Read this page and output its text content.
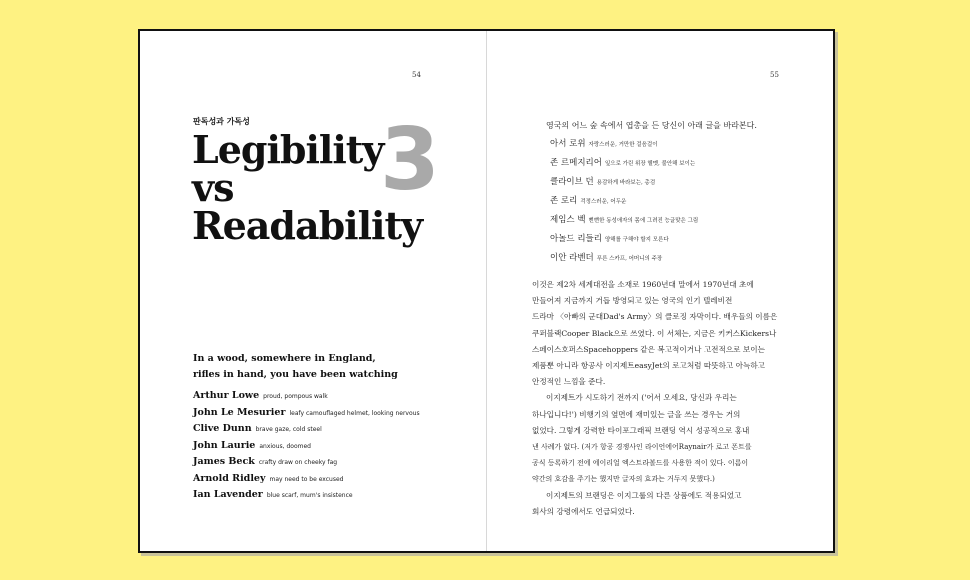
54
판독성과 가독성 3
Legibility
vs
Readability
In a wood, somewhere in England,
rifles in hand, you have been watching
Arthur Lowe proud, pompous walk
John Le Mesurier leafy camouflaged helmet, looking nervous
Clive Dunn brave gaze, cold steel
John Laurie anxious, doomed
James Beck crafty draw on cheeky fag
Arnold Ridley may need to be excused
Ian Lavender blue scarf, mum's insistence
55
영국의 어느 숲 속에서 엽총을 든 당신이 아래 글을 바라본다.
아서 로위 자랑스러운, 거만한 걸음걸이
존 르메지리어 잎으로 가린 위장 헬멧, 불안해 보이는
클라이브 던 용감하게 바라보는, 총검
존 로리 걱정스러운, 어두운
제임스 벡 뻔뻔한 동성애자의 몸에 그려진 능글맞은 그림
아놀드 리들리 양해를 구해야 할지 모른다
이안 라벤더 푸른 스카프, 어머니의 주장
이것은 제2차 세계대전을 소재로 1960년대 말에서 1970년대 초에
만들어져 지금까지 거듭 방영되고 있는 영국의 인기 텔레비전
드라마 〈아빠의 군대Dad's Army〉의 클로징 자막이다. 배우들의 이름은
쿠퍼블랙Cooper Black으로 쓰였다. 이 서체는, 지금은 키커스Kickers나
스페이스호퍼스Spacehoppers 같은 복고적이거나 고전적으로 보이는
제품뿐 아니라 항공사 이지제트easyJet의 로고처럼 따뜻하고 아늑하고
안정적인 느낌을 준다.
이지제트가 시도하기 전까지 ('어서 오세요, 당신과 우리는
하나입니다!') 비행기의 옆면에 재미있는 글을 쓰는 경우는 거의
없었다. 그렇게 강력한 타이포그래픽 브랜딩 역시 성공적으로 홍내
낸 사례가 없다. (저가 항공 경쟁사인 라이언에어Raynair가 로고 폰트를
공식 등록하기 전에 에이리얼 엑스트라볼드를 사용한 적이 있다. 이름이
약간의 호감을 주기는 했지만 글자의 효과는 거두지 못했다.)
이지제트의 브랜딩은 이지그룹의 다른 상품에도 적용되었고
회사의 강령에서도 언급되었다.
